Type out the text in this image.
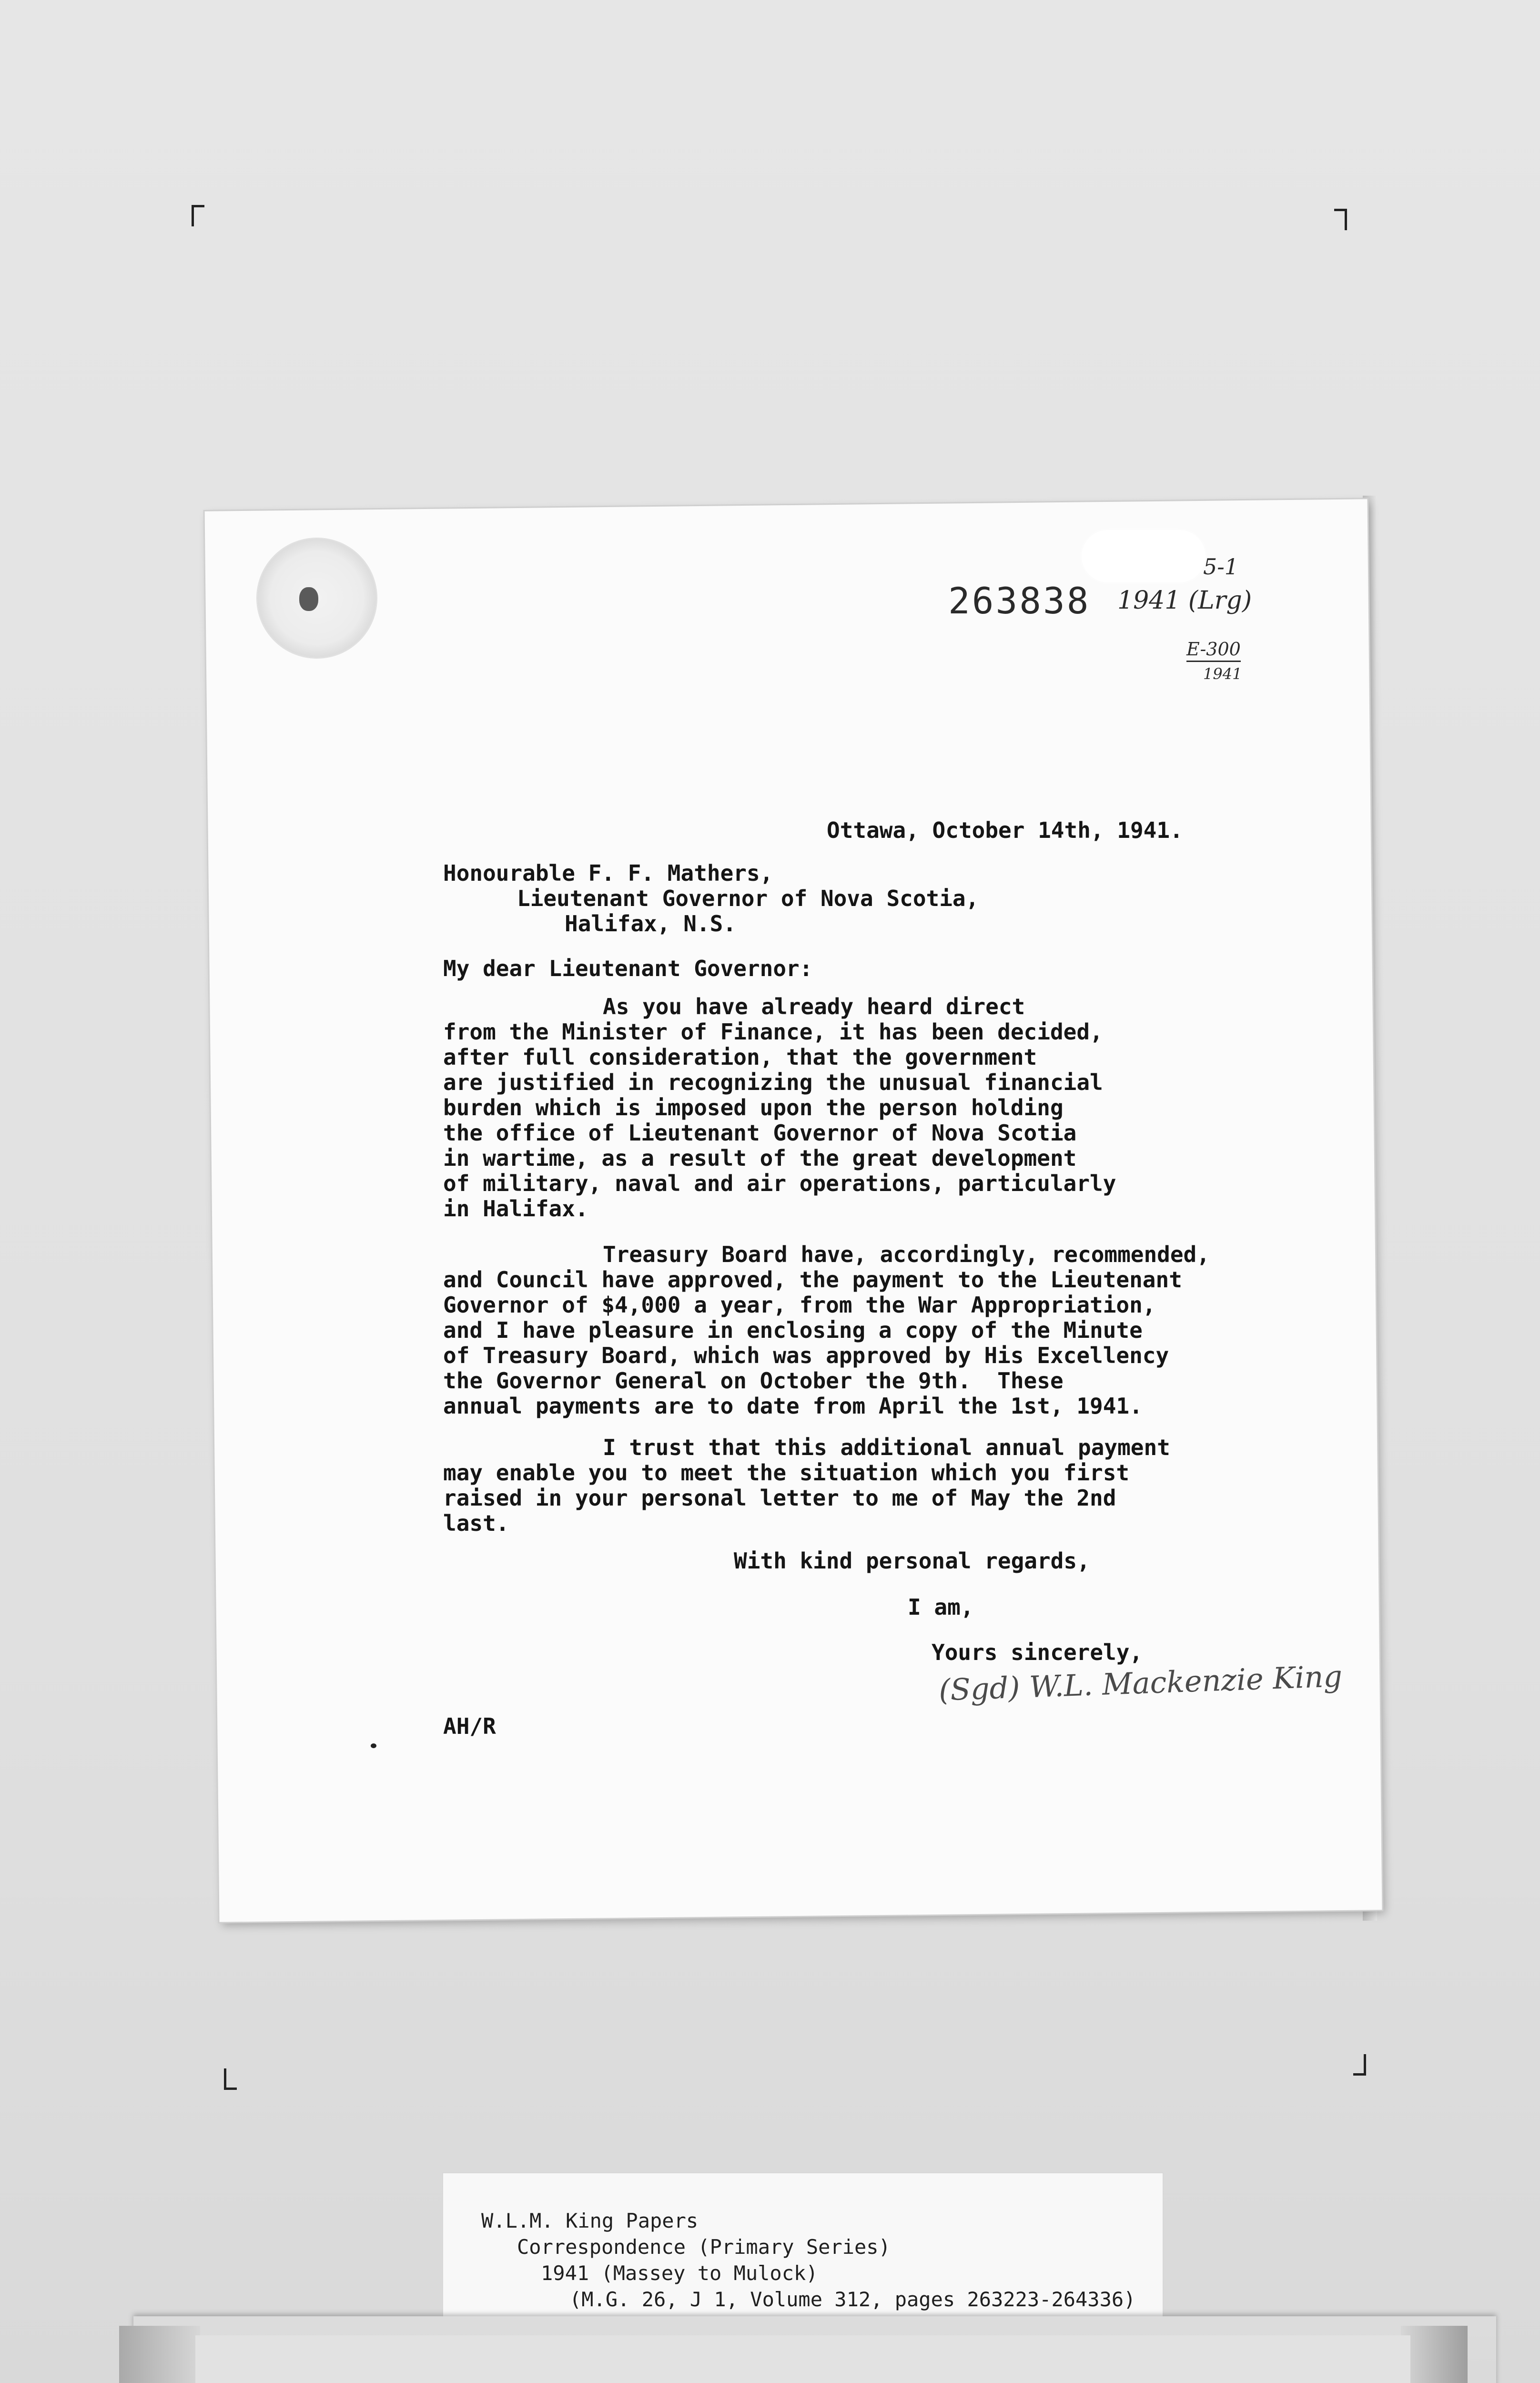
263838
5-1
1941 (Lrg)
E-300
1941
Ottawa, October 14th, 1941.
Honourable F. F. Mathers,
Lieutenant Governor of Nova Scotia,
Halifax, N.S.
My dear Lieutenant Governor:
As you have already heard direct
from the Minister of Finance, it has been decided,
after full consideration, that the government
are justified in recognizing the unusual financial
burden which is imposed upon the person holding
the office of Lieutenant Governor of Nova Scotia
in wartime, as a result of the great development
of military, naval and air operations, particularly
in Halifax.
Treasury Board have, accordingly, recommended,
and Council have approved, the payment to the Lieutenant
Governor of $4,000 a year, from the War Appropriation,
and I have pleasure in enclosing a copy of the Minute
of Treasury Board, which was approved by His Excellency
the Governor General on October the 9th.  These
annual payments are to date from April the 1st, 1941.
I trust that this additional annual payment
may enable you to meet the situation which you first
raised in your personal letter to me of May the 2nd
last.
With kind personal regards,
I am,
Yours sincerely,
(Sgd) W.L. Mackenzie King
AH/R
W.L.M. King Papers
Correspondence (Primary Series)
1941 (Massey to Mulock)
(M.G. 26, J 1, Volume 312, pages 263223-264336)
